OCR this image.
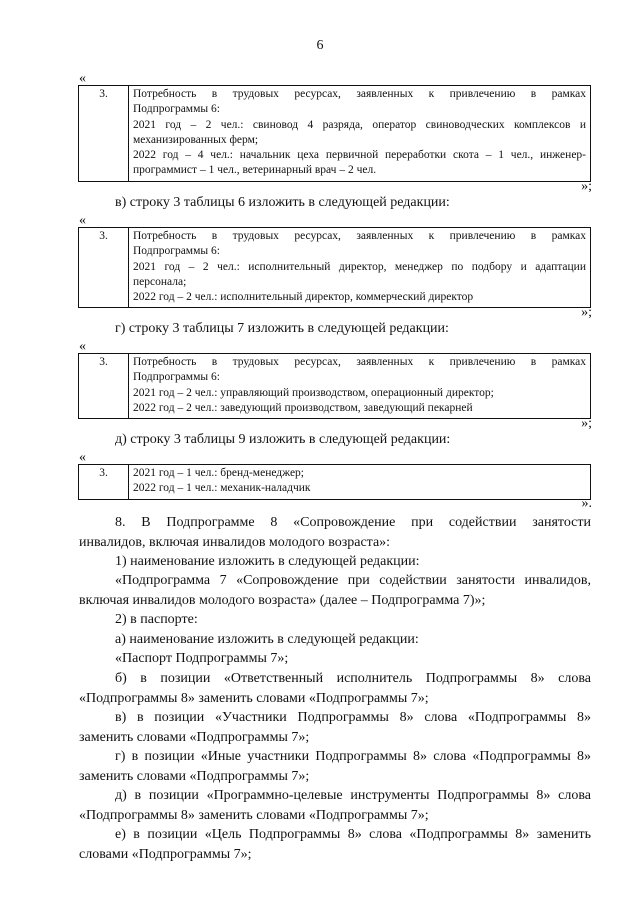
6
«
3.	Потребность в трудовых ресурсах, заявленных к привлечению в рамках
Подпрограммы 6:
2021 год – 2 чел.: свиновод 4 разряда, оператор свиноводческих комплексов и
механизированных ферм;
2022 год – 4 чел.: начальник цеха первичной переработки скота – 1 чел., инженер-
программист – 1 чел., ветеринарный врач – 2 чел.
»;
в) строку 3 таблицы 6 изложить в следующей редакции:
«
3.	Потребность в трудовых ресурсах, заявленных к привлечению в рамках
Подпрограммы 6:
2021 год – 2 чел.: исполнительный директор, менеджер по подбору и адаптации
персонала;
2022 год – 2 чел.: исполнительный директор, коммерческий директор
»;
г) строку 3 таблицы 7 изложить в следующей редакции:
«
3.	Потребность в трудовых ресурсах, заявленных к привлечению в рамках
Подпрограммы 6:
2021 год – 2 чел.: управляющий производством, операционный директор;
2022 год – 2 чел.: заведующий производством, заведующий пекарней
»;
д) строку 3 таблицы 9 изложить в следующей редакции:
«
3.	2021 год – 1 чел.: бренд-менеджер;
2022 год – 1 чел.: механик-наладчик
».
8. В Подпрограмме 8 «Сопровождение при содействии занятости
инвалидов, включая инвалидов молодого возраста»:
1) наименование изложить в следующей редакции:
«Подпрограмма 7 «Сопровождение при содействии занятости инвалидов,
включая инвалидов молодого возраста» (далее – Подпрограмма 7)»;
2) в паспорте:
а) наименование изложить в следующей редакции:
«Паспорт Подпрограммы 7»;
б) в позиции «Ответственный исполнитель Подпрограммы 8» слова
«Подпрограммы 8» заменить словами «Подпрограммы 7»;
в) в позиции «Участники Подпрограммы 8» слова «Подпрограммы 8»
заменить словами «Подпрограммы 7»;
г) в позиции «Иные участники Подпрограммы 8» слова «Подпрограммы 8»
заменить словами «Подпрограммы 7»;
д) в позиции «Программно-целевые инструменты Подпрограммы 8» слова
«Подпрограммы 8» заменить словами «Подпрограммы 7»;
е) в позиции «Цель Подпрограммы 8» слова «Подпрограммы 8» заменить
словами «Подпрограммы 7»;
